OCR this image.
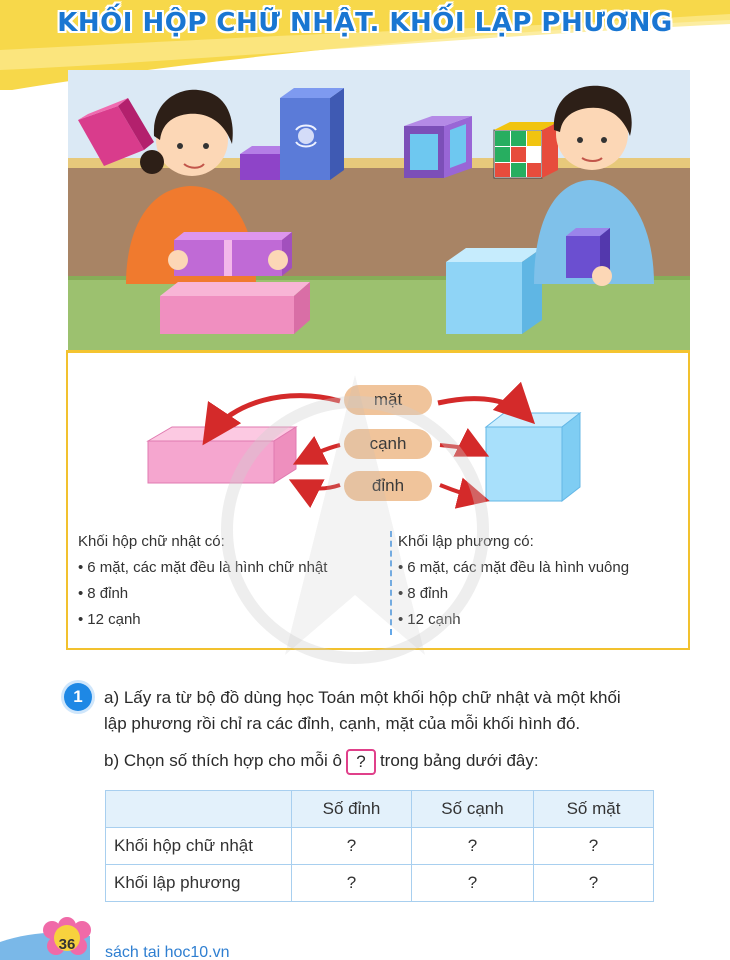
KHỐI HỘP CHỮ NHẬT. KHỐI LẬP PHƯƠNG
mặt
cạnh
đỉnh
Khối hộp chữ nhật có:
• 6 mặt, các mặt đều là hình chữ nhật
• 8 đỉnh
• 12 cạnh
Khối lập phương có:
• 6 mặt, các mặt đều là hình vuông
• 8 đỉnh
• 12 cạnh
1	a) Lấy ra từ bộ đồ dùng học Toán một khối hộp chữ nhật và một khối
lập phương rồi chỉ ra các đỉnh, cạnh, mặt của mỗi khối hình đó.
b) Chọn số thích hợp cho mỗi ô ? trong bảng dưới đây:
	Số đỉnh	Số cạnh	Số mặt
Khối hộp chữ nhật	?	?	?
Khối lập phương	?	?	?
36	sách tai hoc10.vn
